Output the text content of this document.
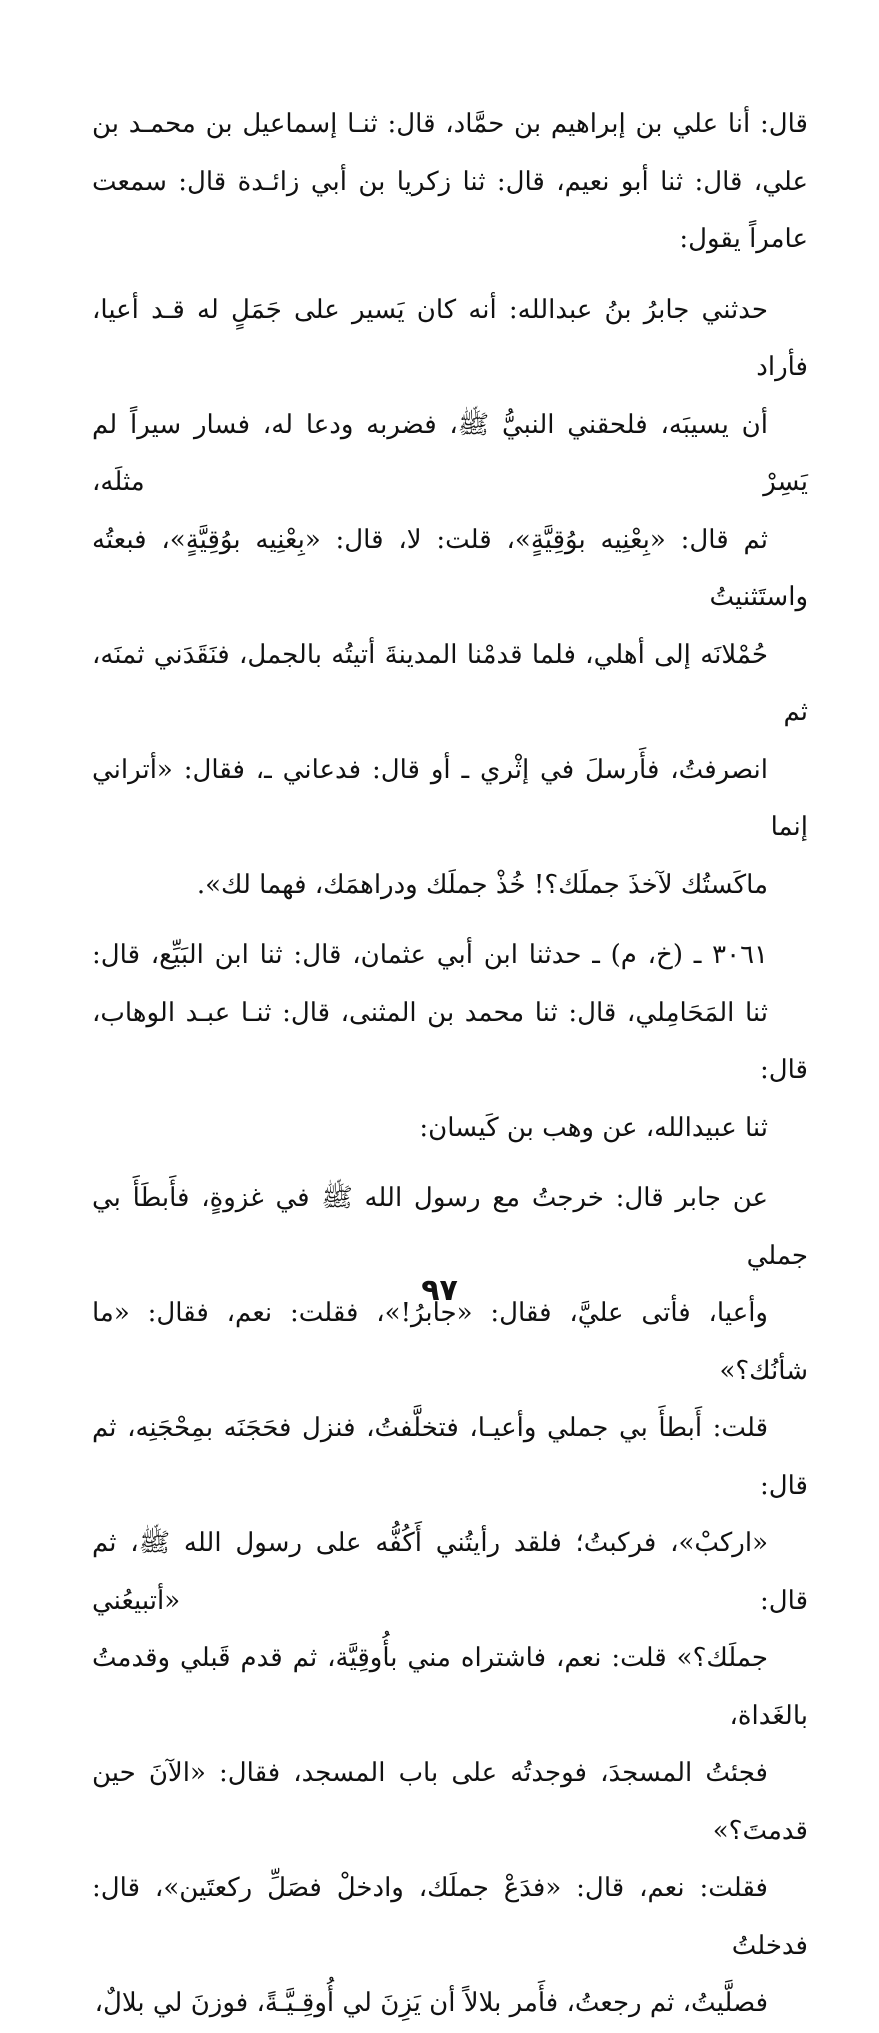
قال: أنا علي بن إبراهيم بن حمَّاد، قال: ثنـا إسماعيل بن محمـد بن
علي، قال: ثنا أبو نعيم، قال: ثنا زكريا بن أبي زائـدة قال: سمعت
عامراً يقول:

حدثني جابرُ بنُ عبدالله: أنه كان يَسير على جَمَلٍ له قـد أعيا، فأراد
أن يسيبَه، فلحقني النبيُّ ﷺ، فضربه ودعا له، فسار سيراً لم يَسِرْ مثلَه،
ثم قال: «بِعْنِيه بوُقِيَّةٍ»، قلت: لا، قال: «بِعْنِيه بوُقِيَّةٍ»، فبعتُه واستَثنيتُ
حُمْلانَه إلى أهلي، فلما قدمْنا المدينةَ أتيتُه بالجمل، فنَقَدَني ثمنَه، ثم
انصرفتُ، فأَرسلَ في إثْري ـ أو قال: فدعاني ـ، فقال: «أتراني إنما
ماكَستُك لآخذَ جملَك؟! خُذْ جملَك ودراهمَك، فهما لك».

٣٠٦١ ـ (خ، م) ـ حدثنا ابن أبي عثمان، قال: ثنا ابن البَيِّع، قال:
ثنا المَحَامِلي، قال: ثنا محمد بن المثنى، قال: ثنـا عبـد الوهاب، قال:
ثنا عبيدالله، عن وهب بن كَيسان:

عن جابر قال: خرجتُ مع رسول الله ﷺ في غزوةٍ، فأَبطَأَ بي جملي
وأعيا، فأتى عليَّ، فقال: «جابرُ!»، فقلت: نعم، فقال: «ما شأنُك؟»
قلت: أَبطأَ بي جملي وأعيـا، فتخلَّفتُ، فنزل فحَجَنَه بمِحْجَنِه، ثم قال:
«اركبْ»، فركبتُ؛ فلقد رأيتُني أَكُفُّه على رسول الله ﷺ، ثم قال: «أتبيعُني
جملَك؟» قلت: نعم، فاشتراه مني بأُوقِيَّة، ثم قدم قَبلي وقدمتُ بالغَداة،
فجئتُ المسجدَ، فوجدتُه على باب المسجد، فقال: «الآنَ حين قدمتَ؟»
فقلت: نعم، قال: «فدَعْ جملَك، وادخلْ فصَلِّ ركعتَين»، قال: فدخلتُ
فصلَّيتُ، ثم رجعتُ، فأَمر بلالاً أن يَزِنَ لي أُوقِـيَّـةً، فوزنَ لي بلالٌ،

٩٧
